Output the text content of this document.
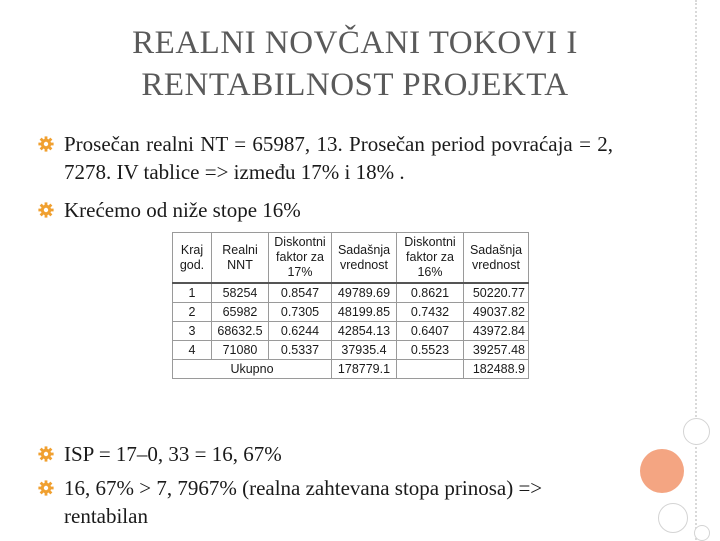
REALNI NOVČANI TOKOVI I
RENTABILNOST PROJEKTA
Prosečan realni NT = 65987, 13. Prosečan period povraćaja = 2, 7278. IV tablice => između 17% i 18% .
Krećemo od niže stope 16%
Kraj god.	Realni NNT	Diskontni faktor za 17%	Sadašnja vrednost	Diskontni faktor za 16%	Sadašnja vrednost
1	58254	0.8547	49789.69	0.8621	50220.77
2	65982	0.7305	48199.85	0.7432	49037.82
3	68632.5	0.6244	42854.13	0.6407	43972.84
4	71080	0.5337	37935.4	0.5523	39257.48
Ukupno			178779.1		182488.9
ISP = 17–0, 33 = 16, 67%
16, 67% > 7, 7967% (realna zahtevana stopa prinosa) => rentabilan
